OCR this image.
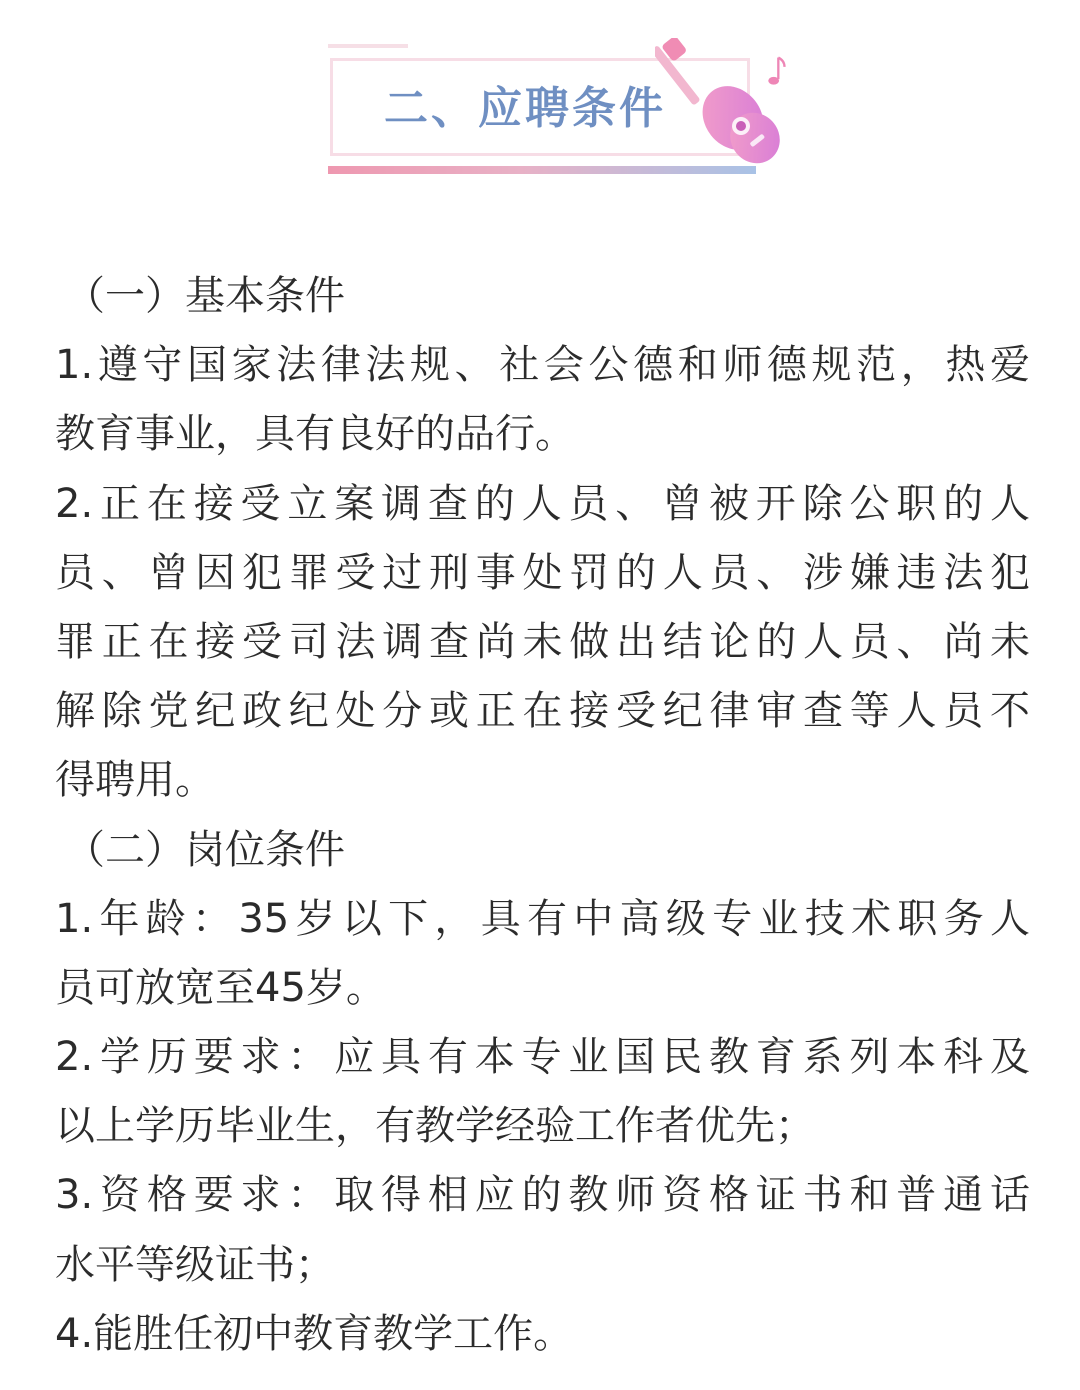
二、应聘条件
（一）基本条件
1.遵守国家法律法规、社会公德和师德规范，热爱
教育事业，具有良好的品行。
2.正在接受立案调查的人员、曾被开除公职的人
员、曾因犯罪受过刑事处罚的人员、涉嫌违法犯
罪正在接受司法调查尚未做出结论的人员、尚未
解除党纪政纪处分或正在接受纪律审查等人员不
得聘用。
（二）岗位条件
1.年龄：35岁以下，具有中高级专业技术职务人
员可放宽至45岁。
2.学历要求：应具有本专业国民教育系列本科及
以上学历毕业生，有教学经验工作者优先；
3.资格要求：取得相应的教师资格证书和普通话
水平等级证书；
4.能胜任初中教育教学工作。
